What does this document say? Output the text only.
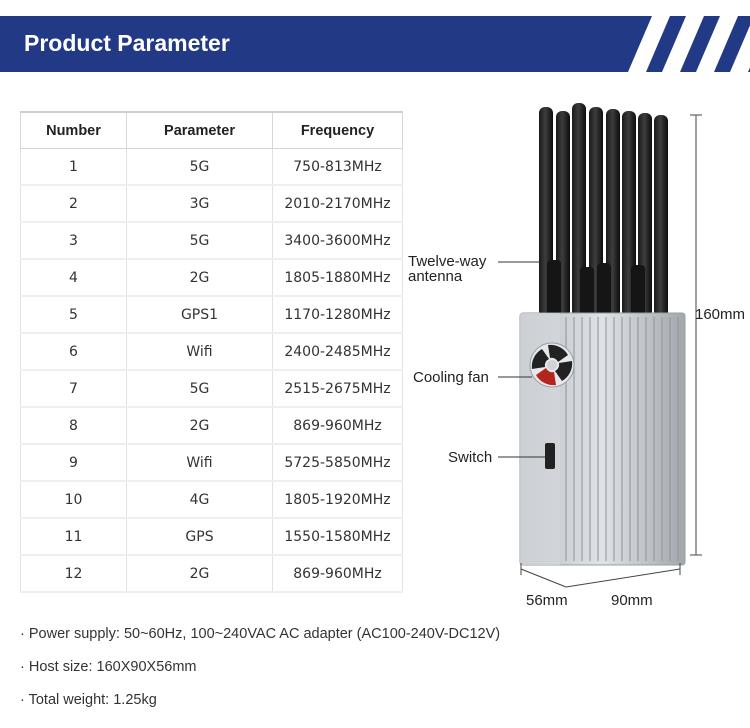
Product Parameter
Number	Parameter	Frequency
1	5G	750-813MHz
2	3G	2010-2170MHz
3	5G	3400-3600MHz
4	2G	1805-1880MHz
5	GPS1	1170-1280MHz
6	Wifi	2400-2485MHz
7	5G	2515-2675MHz
8	2G	869-960MHz
9	Wifi	5725-5850MHz
10	4G	1805-1920MHz
11	GPS	1550-1580MHz
12	2G	869-960MHz
Twelve-way
antenna
Cooling fan
Switch
160mm
56mm	90mm
· Power supply: 50~60Hz, 100~240VAC AC adapter (AC100-240V-DC12V)
· Host size: 160X90X56mm
· Total weight: 1.25kg
